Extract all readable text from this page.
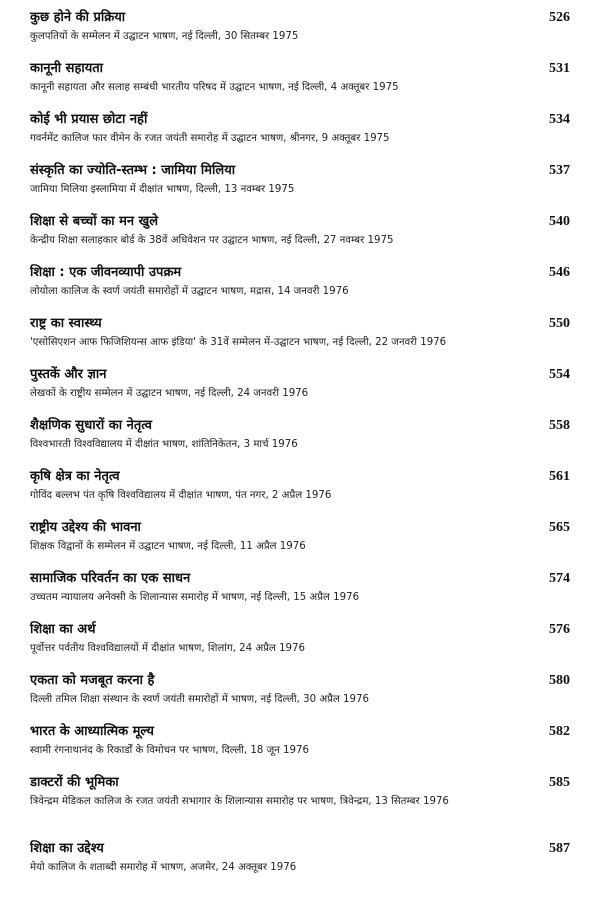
कुछ होने की प्रक्रिया	526
कुलपतियों के सम्मेलन में उद्घाटन भाषण, नई दिल्ली, 30 सितम्बर 1975
कानूनी सहायता	531
कानूनी सहायता और सलाह सम्बंधी भारतीय परिषद में उद्घाटन भाषण, नई दिल्ली, 4 अक्तूबर 1975
कोई भी प्रयास छोटा नहीं	534
गवर्नमेंट कालिज फार वीमेन के रजत जयंती समारोह में उद्घाटन भाषण, श्रीनगर, 9 अक्तूबर 1975
संस्कृति का ज्योति-स्तम्भ : जामिया मिलिया	537
जामिया मिलिया इस्लामिया में दीक्षांत भाषण, दिल्ली, 13 नवम्बर 1975
शिक्षा से बच्चों का मन खुले	540
केन्द्रीय शिक्षा सलाहकार बोर्ड के 38वें अधिवेशन पर उद्घाटन भाषण, नई दिल्ली, 27 नवम्बर 1975
शिक्षा : एक जीवनव्यापी उपक्रम	546
लोयोला कालिज के स्वर्ण जयंती समारोहों में उद्घाटन भाषण, मद्रास, 14 जनवरी 1976
राष्ट्र का स्वास्थ्य	550
'एसोसिएशन आफ फिजिशियन्स आफ इंडिया' के 31वें सम्मेलन में-उद्घाटन भाषण, नई दिल्ली, 22 जनवरी 1976
पुस्तकें और ज्ञान	554
लेखकों के राष्ट्रीय सम्मेलन में उद्घाटन भाषण, नई दिल्ली, 24 जनवरी 1976
शैक्षणिक सुधारों का नेतृत्व	558
विश्वभारती विश्वविद्यालय में दीक्षांत भाषण, शांतिनिकेतन, 3 मार्च 1976
कृषि क्षेत्र का नेतृत्व	561
गोविंद बल्लभ पंत कृषि विश्वविद्यालय में दीक्षांत भाषण, पंत नगर, 2 अप्रैल 1976
राष्ट्रीय उद्देश्य की भावना	565
शिक्षक विद्वानों के सम्मेलन में उद्घाटन भाषण, नई दिल्ली, 11 अप्रैल 1976
सामाजिक परिवर्तन का एक साधन	574
उच्चतम न्यायालय अनेक्सी के शिलान्यास समारोह में भाषण, नई दिल्ली, 15 अप्रैल 1976
शिक्षा का अर्थ	576
पूर्वोत्तर पर्वतीय विश्वविद्यालयों में दीक्षांत भाषण, शिलांग, 24 अप्रैल 1976
एकता को मजबूत करना है	580
दिल्ली तमिल शिक्षा संस्थान के स्वर्ण जयंती समारोहों में भाषण, नई दिल्ली, 30 अप्रैल 1976
भारत के आध्यात्मिक मूल्य	582
स्वामी रंगनाथानंद के रिकार्डों के विमोचन पर भाषण, दिल्ली, 18 जून 1976
डाक्टरों की भूमिका	585
त्रिवेन्द्रम मेडिकल कालिज के रजत जयंती सभागार के शिलान्यास समारोह पर भाषण, त्रिवेन्द्रम, 13 सितम्बर 1976
शिक्षा का उद्देश्य	587
मेयो कालिज के शताब्दी समारोह में भाषण, अजमेर, 24 अक्तूबर 1976
